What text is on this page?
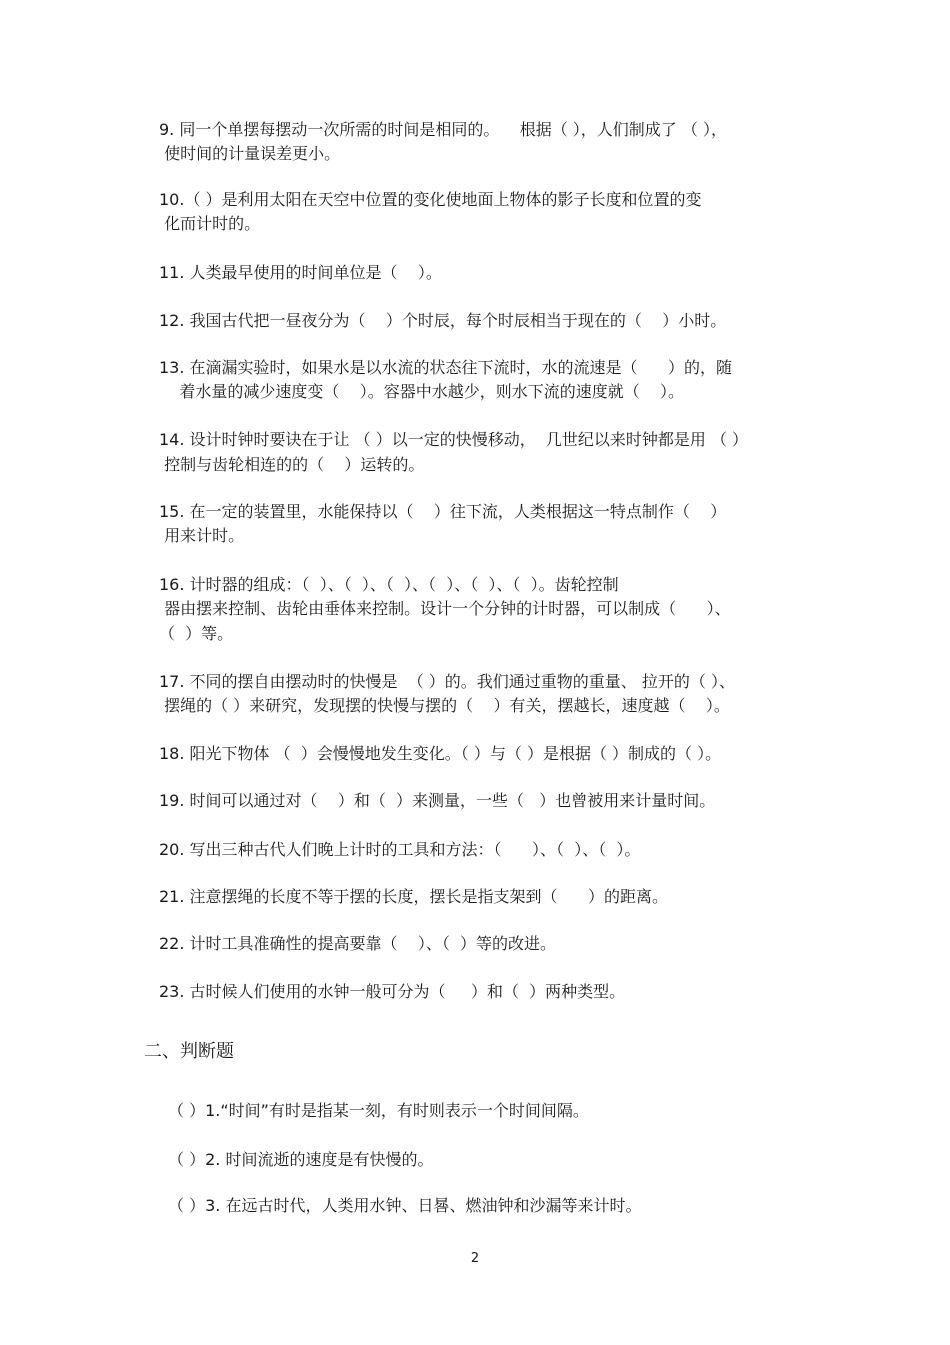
9. 同一个单摆每摆动一次所需的时间是相同的。    根据（ ），人们制成了 （ ），
使时间的计量误差更小。
10.（ ）是利用太阳在天空中位置的变化使地面上物体的影子长度和位置的变
化而计时的。
11. 人类最早使用的时间单位是（    ）。
12. 我国古代把一昼夜分为（    ）个时辰，每个时辰相当于现在的（    ）小时。
13. 在滴漏实验时，如果水是以水流的状态往下流时，水的流速是（      ）的，随
着水量的减少速度变（    ）。容器中水越少，则水下流的速度就（    ）。
14. 设计时钟时要诀在于让 （ ）以一定的快慢移动，  几世纪以来时钟都是用 （ ）
控制与齿轮相连的的（    ）运转的。
15. 在一定的装置里，水能保持以（    ）往下流，人类根据这一特点制作（    ）
用来计时。
16. 计时器的组成：（  ）、（  ）、（  ）、（  ）、（  ）、（  ）。齿轮控制
器由摆来控制、齿轮由垂体来控制。设计一个分钟的计时器，可以制成（      ）、
（  ）等。
17. 不同的摆自由摆动时的快慢是  （ ）的。我们通过重物的重量、 拉开的（ ）、
摆绳的（ ）来研究，发现摆的快慢与摆的（    ）有关，摆越长，速度越（    ）。
18. 阳光下物体 （  ）会慢慢地发生变化。（ ）与（ ）是根据（ ）制成的（ ）。
19. 时间可以通过对（    ）和（  ）来测量，一些（   ）也曾被用来计量时间。
20. 写出三种古代人们晚上计时的工具和方法：（      ）、（  ）、（  ）。
21. 注意摆绳的长度不等于摆的长度，摆长是指支架到（      ）的距离。
22. 计时工具准确性的提高要靠（    ）、（  ）等的改进。
23. 古时候人们使用的水钟一般可分为（     ）和（  ）两种类型。
二、判断题
（ ）1.“时间”有时是指某一刻，有时则表示一个时间间隔。
（ ）2. 时间流逝的速度是有快慢的。
（ ）3. 在远古时代，人类用水钟、日晷、燃油钟和沙漏等来计时。
2
